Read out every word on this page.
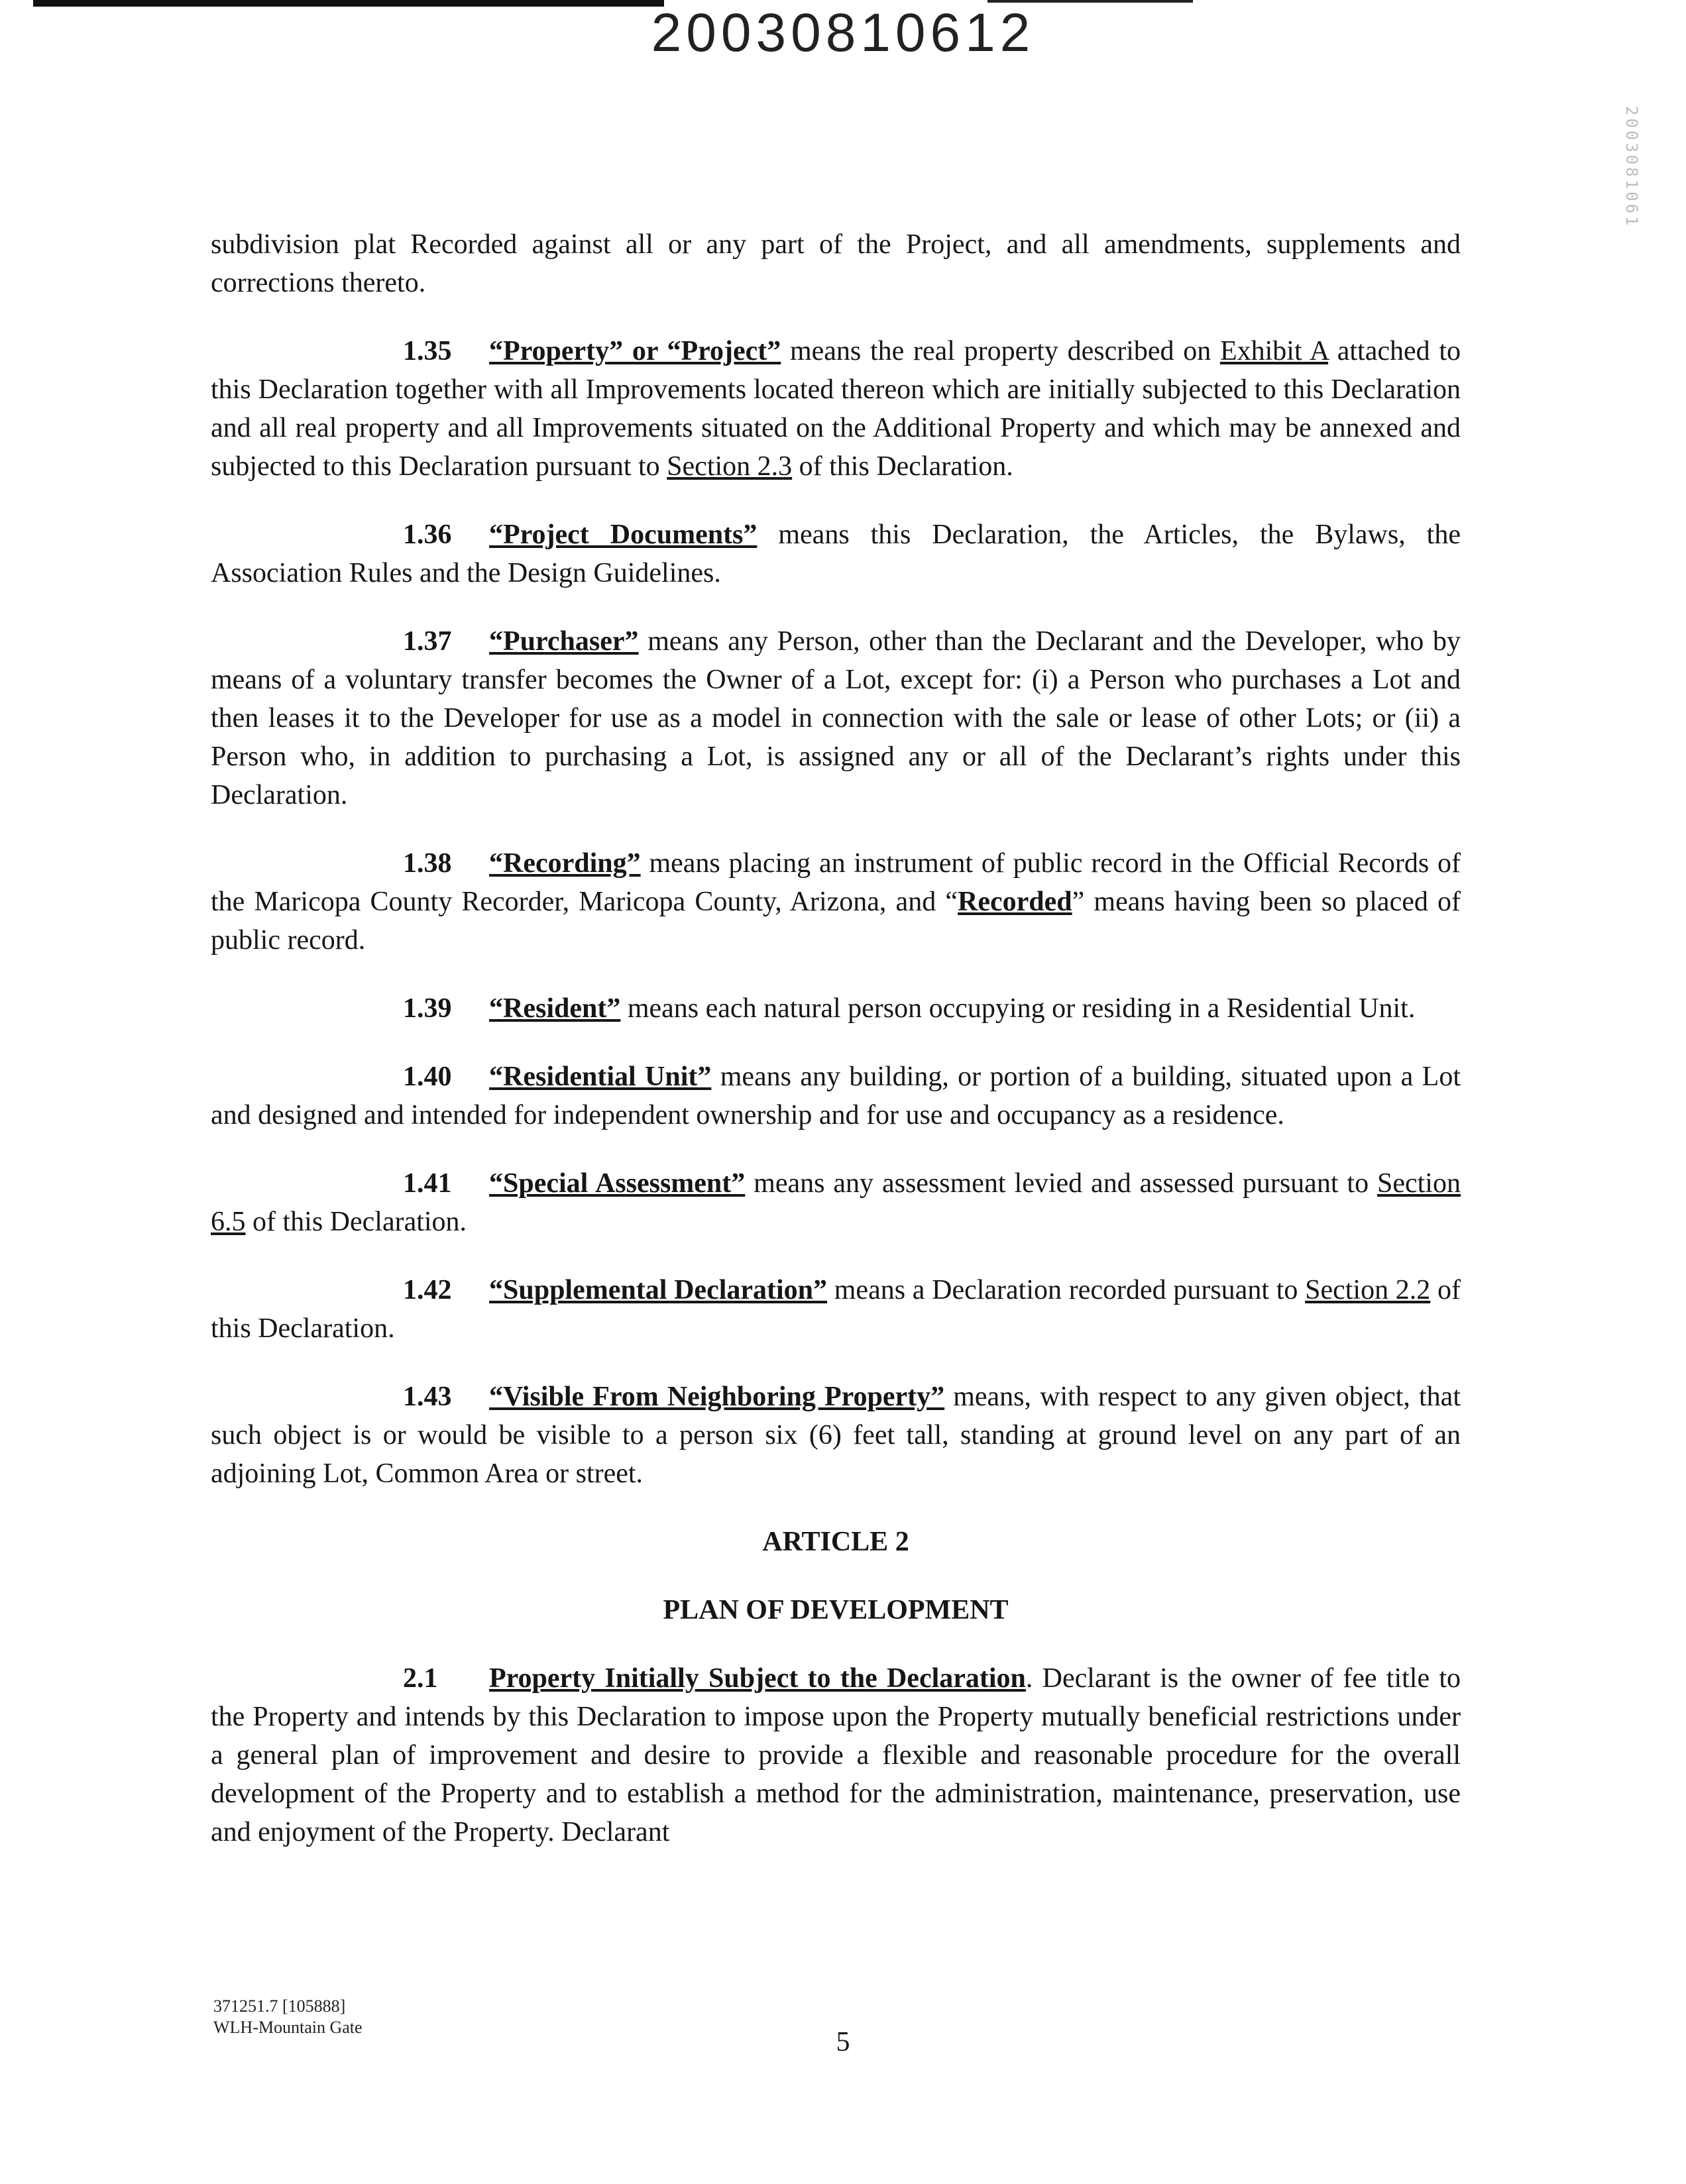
20030810612
2003081061

subdivision plat Recorded against all or any part of the Project, and all amendments, supplements and corrections thereto.

1.35 “Property” or “Project” means the real property described on Exhibit A attached to this Declaration together with all Improvements located thereon which are initially subjected to this Declaration and all real property and all Improvements situated on the Additional Property and which may be annexed and subjected to this Declaration pursuant to Section 2.3 of this Declaration.

1.36 “Project Documents” means this Declaration, the Articles, the Bylaws, the Association Rules and the Design Guidelines.

1.37 “Purchaser” means any Person, other than the Declarant and the Developer, who by means of a voluntary transfer becomes the Owner of a Lot, except for: (i) a Person who purchases a Lot and then leases it to the Developer for use as a model in connection with the sale or lease of other Lots; or (ii) a Person who, in addition to purchasing a Lot, is assigned any or all of the Declarant’s rights under this Declaration.

1.38 “Recording” means placing an instrument of public record in the Official Records of the Maricopa County Recorder, Maricopa County, Arizona, and “Recorded” means having been so placed of public record.

1.39 “Resident” means each natural person occupying or residing in a Residential Unit.

1.40 “Residential Unit” means any building, or portion of a building, situated upon a Lot and designed and intended for independent ownership and for use and occupancy as a residence.

1.41 “Special Assessment” means any assessment levied and assessed pursuant to Section 6.5 of this Declaration.

1.42 “Supplemental Declaration” means a Declaration recorded pursuant to Section 2.2 of this Declaration.

1.43 “Visible From Neighboring Property” means, with respect to any given object, that such object is or would be visible to a person six (6) feet tall, standing at ground level on any part of an adjoining Lot, Common Area or street.

ARTICLE 2

PLAN OF DEVELOPMENT

2.1 Property Initially Subject to the Declaration. Declarant is the owner of fee title to the Property and intends by this Declaration to impose upon the Property mutually beneficial restrictions under a general plan of improvement and desire to provide a flexible and reasonable procedure for the overall development of the Property and to establish a method for the administration, maintenance, preservation, use and enjoyment of the Property. Declarant

371251.7 [105888]
WLH-Mountain Gate	5
